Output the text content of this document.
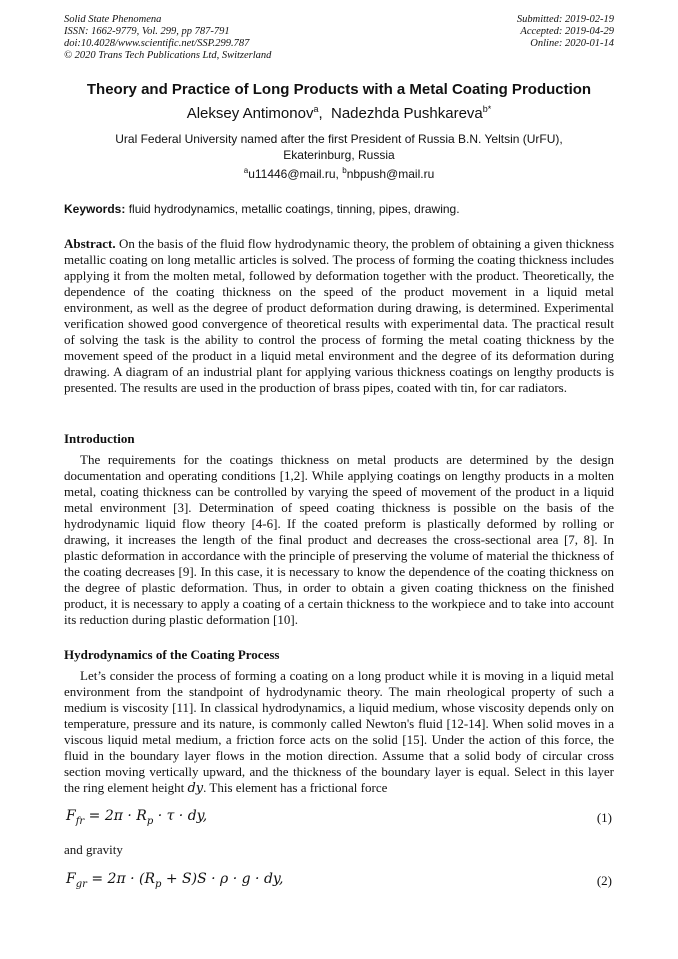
Solid State Phenomena
ISSN: 1662-9779, Vol. 299, pp 787-791
doi:10.4028/www.scientific.net/SSP.299.787
© 2020 Trans Tech Publications Ltd, Switzerland
Submitted: 2019-02-19
Accepted: 2019-04-29
Online: 2020-01-14
Theory and Practice of Long Products with a Metal Coating Production
Aleksey Antimonov$^a$, Nadezhda Pushkareva$^{b*}$
Ural Federal University named after the first President of Russia B.N. Yeltsin (UrFU),
Ekaterinburg, Russia
$^a$u11446@mail.ru, $^b$nbpush@mail.ru
Keywords: fluid hydrodynamics, metallic coatings, tinning, pipes, drawing.
Abstract. On the basis of the fluid flow hydrodynamic theory, the problem of obtaining a given thickness metallic coating on long metallic articles is solved. The process of forming the coating thickness includes applying it from the molten metal, followed by deformation together with the product. Theoretically, the dependence of the coating thickness on the speed of the product movement in a liquid metal environment, as well as the degree of product deformation during drawing, is determined. Experimental verification showed good convergence of theoretical results with experimental data. The practical result of solving the task is the ability to control the process of forming the metal coating thickness by the movement speed of the product in a liquid metal environment and the degree of its deformation during drawing. A diagram of an industrial plant for applying various thickness coatings on lengthy products is presented. The results are used in the production of brass pipes, coated with tin, for car radiators.
Introduction
The requirements for the coatings thickness on metal products are determined by the design documentation and operating conditions [1,2]. While applying coatings on lengthy products in a molten metal, coating thickness can be controlled by varying the speed of movement of the product in a liquid metal environment [3]. Determination of speed coating thickness is possible on the basis of the hydrodynamic liquid flow theory [4-6]. If the coated preform is plastically deformed by rolling or drawing, it increases the length of the final product and decreases the cross-sectional area [7, 8]. In plastic deformation in accordance with the principle of preserving the volume of material the thickness of the coating decreases [9]. In this case, it is necessary to know the dependence of the coating thickness on the degree of plastic deformation. Thus, in order to obtain a given coating thickness on the finished product, it is necessary to apply a coating of a certain thickness to the workpiece and to take into account its reduction during plastic deformation [10].
Hydrodynamics of the Coating Process
Let’s consider the process of forming a coating on a long product while it is moving in a liquid metal environment from the standpoint of hydrodynamic theory. The main rheological property of such a medium is viscosity [11]. In classical hydrodynamics, a liquid medium, whose viscosity depends only on temperature, pressure and its nature, is commonly called Newton's fluid [12-14]. When solid moves in a viscous liquid metal medium, a friction force acts on the solid [15]. Under the action of this force, the fluid in the boundary layer flows in the motion direction. Assume that a solid body of circular cross section moving vertically upward, and the thickness of the boundary layer is equal. Select in this layer the ring element height dy. This element has a frictional force
$F_{fr} = 2\pi \cdot R_p \cdot \tau$ · dy,	(1)
and gravity
$F_{gr} = 2\pi \cdot (R_p + S)S \cdot \rho \cdot g$ · dy,	(2)
